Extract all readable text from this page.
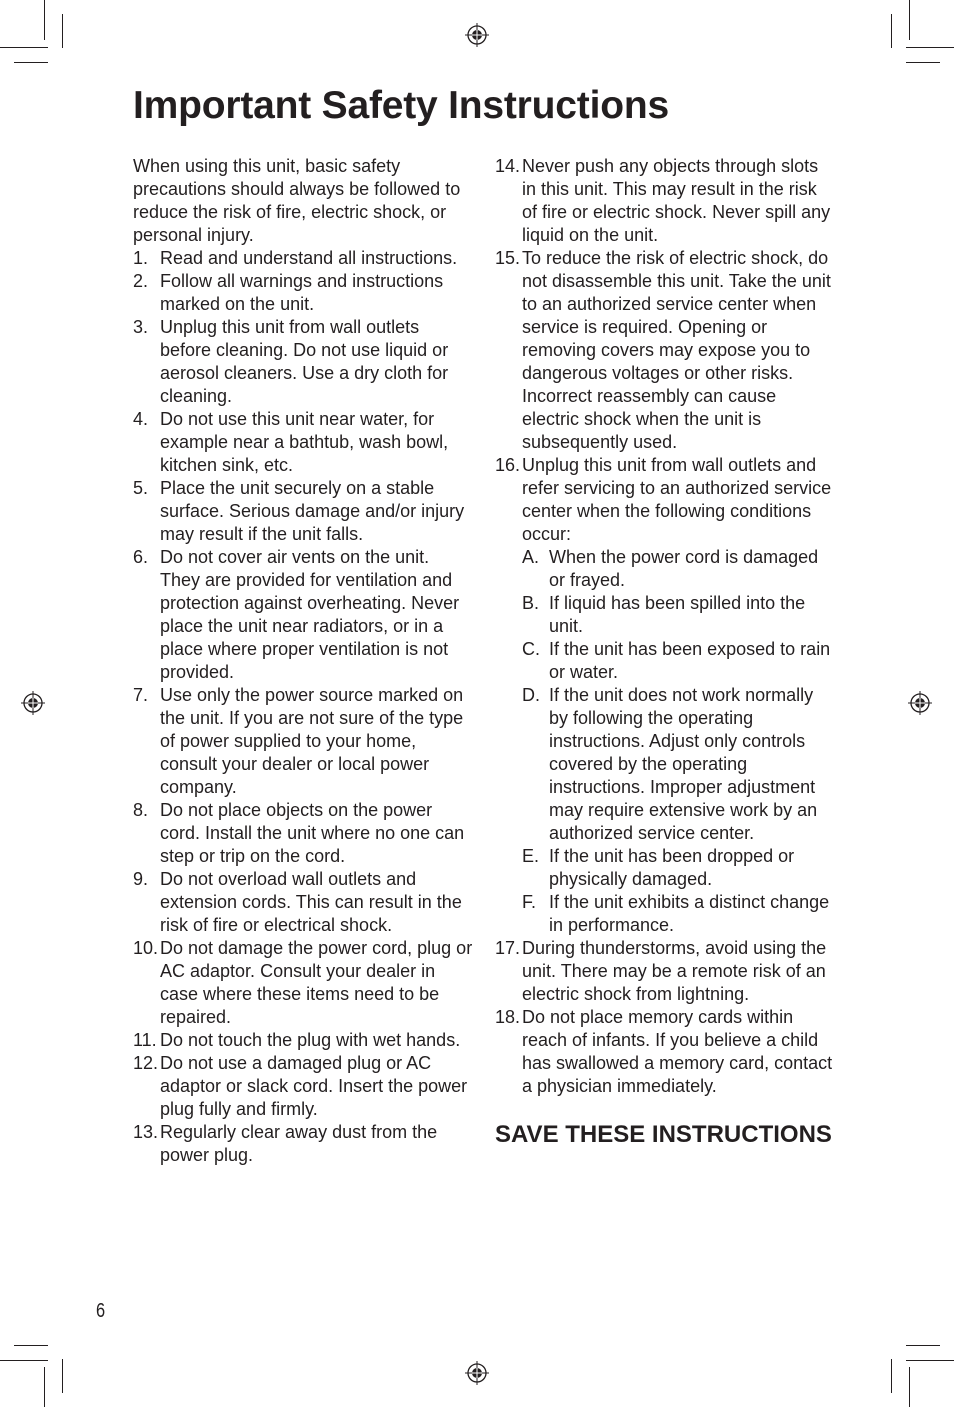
Important Safety Instructions

When using this unit, basic safety precautions should always be followed to reduce the risk of fire, electric shock, or personal injury.

1. Read and understand all instructions.
2. Follow all warnings and instructions marked on the unit.
3. Unplug this unit from wall outlets before cleaning. Do not use liquid or aerosol cleaners. Use a dry cloth for cleaning.
4. Do not use this unit near water, for example near a bathtub, wash bowl, kitchen sink, etc.
5. Place the unit securely on a stable surface. Serious damage and/or injury may result if the unit falls.
6. Do not cover air vents on the unit. They are provided for ventilation and protection against overheating. Never place the unit near radiators, or in a place where proper ventilation is not provided.
7. Use only the power source marked on the unit. If you are not sure of the type of power supplied to your home, consult your dealer or local power company.
8. Do not place objects on the power cord. Install the unit where no one can step or trip on the cord.
9. Do not overload wall outlets and extension cords. This can result in the risk of fire or electrical shock.
10. Do not damage the power cord, plug or AC adaptor. Consult your dealer in case where these items need to be repaired.
11. Do not touch the plug with wet hands.
12. Do not use a damaged plug or AC adaptor or slack cord. Insert the power plug fully and firmly.
13. Regularly clear away dust from the power plug.
14. Never push any objects through slots in this unit. This may result in the risk of fire or electric shock. Never spill any liquid on the unit.
15. To reduce the risk of electric shock, do not disassemble this unit. Take the unit to an authorized service center when service is required. Opening or removing covers may expose you to dangerous voltages or other risks. Incorrect reassembly can cause electric shock when the unit is subsequently used.
16. Unplug this unit from wall outlets and refer servicing to an authorized service center when the following conditions occur:
A. When the power cord is damaged or frayed.
B. If liquid has been spilled into the unit.
C. If the unit has been exposed to rain or water.
D. If the unit does not work normally by following the operating instructions. Adjust only controls covered by the operating instructions. Improper adjustment may require extensive work by an authorized service center.
E. If the unit has been dropped or physically damaged.
F. If the unit exhibits a distinct change in performance.
17. During thunderstorms, avoid using the unit. There may be a remote risk of an electric shock from lightning.
18. Do not place memory cards within reach of infants. If you believe a child has swallowed a memory card, contact a physician immediately.
SAVE THESE INSTRUCTIONS
6
